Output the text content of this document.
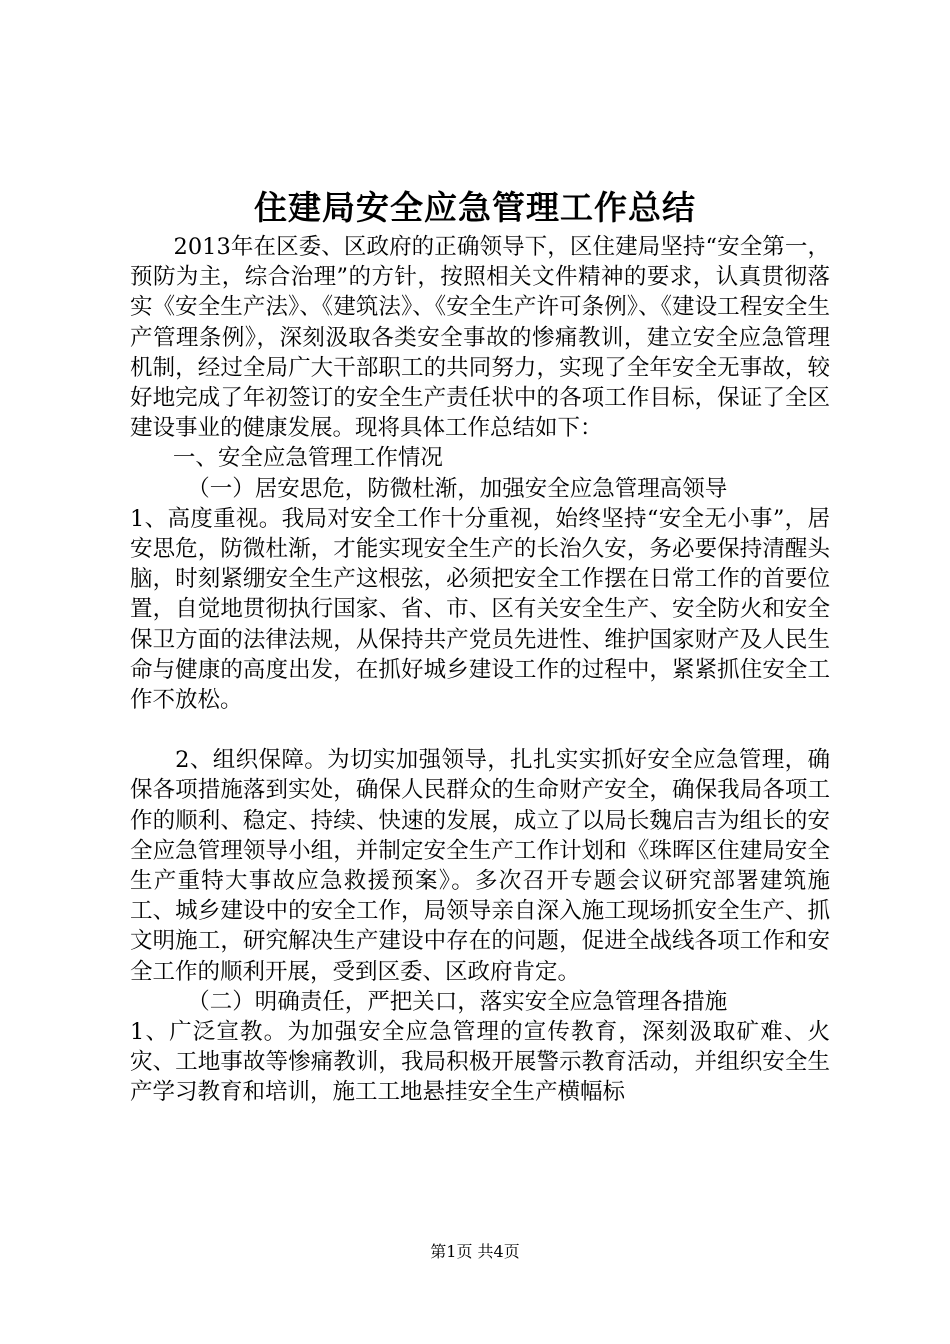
住建局安全应急管理工作总结

2013年在区委、区政府的正确领导下，区住建局坚持“安全第一，预防为主，综合治理”的方针，按照相关文件精神的要求，认真贯彻落实《安全生产法》、《建筑法》、《安全生产许可条例》、《建设工程安全生产管理条例》，深刻汲取各类安全事故的惨痛教训，建立安全应急管理机制，经过全局广大干部职工的共同努力，实现了全年安全无事故，较好地完成了年初签订的安全生产责任状中的各项工作目标，保证了全区建设事业的健康发展。现将具体工作总结如下：

一、安全应急管理工作情况

（一）居安思危，防微杜渐，加强安全应急管理高领导

1、高度重视。我局对安全工作十分重视，始终坚持“安全无小事”，居安思危，防微杜渐，才能实现安全生产的长治久安，务必要保持清醒头脑，时刻紧绷安全生产这根弦，必须把安全工作摆在日常工作的首要位置，自觉地贯彻执行国家、省、市、区有关安全生产、安全防火和安全保卫方面的法律法规，从保持共产党员先进性、维护国家财产及人民生命与健康的高度出发，在抓好城乡建设工作的过程中，紧紧抓住安全工作不放松。

2、组织保障。为切实加强领导，扎扎实实抓好安全应急管理，确保各项措施落到实处，确保人民群众的生命财产安全，确保我局各项工作的顺利、稳定、持续、快速的发展，成立了以局长魏启吉为组长的安全应急管理领导小组，并制定安全生产工作计划和《珠晖区住建局安全生产重特大事故应急救援预案》。多次召开专题会议研究部署建筑施工、城乡建设中的安全工作，局领导亲自深入施工现场抓安全生产、抓文明施工，研究解决生产建设中存在的问题，促进全战线各项工作和安全工作的顺利开展，受到区委、区政府肯定。

（二）明确责任，严把关口，落实安全应急管理各措施

1、广泛宣教。为加强安全应急管理的宣传教育，深刻汲取矿难、火灾、工地事故等惨痛教训，我局积极开展警示教育活动，并组织安全生产学习教育和培训，施工工地悬挂安全生产横幅标

第1页 共4页
